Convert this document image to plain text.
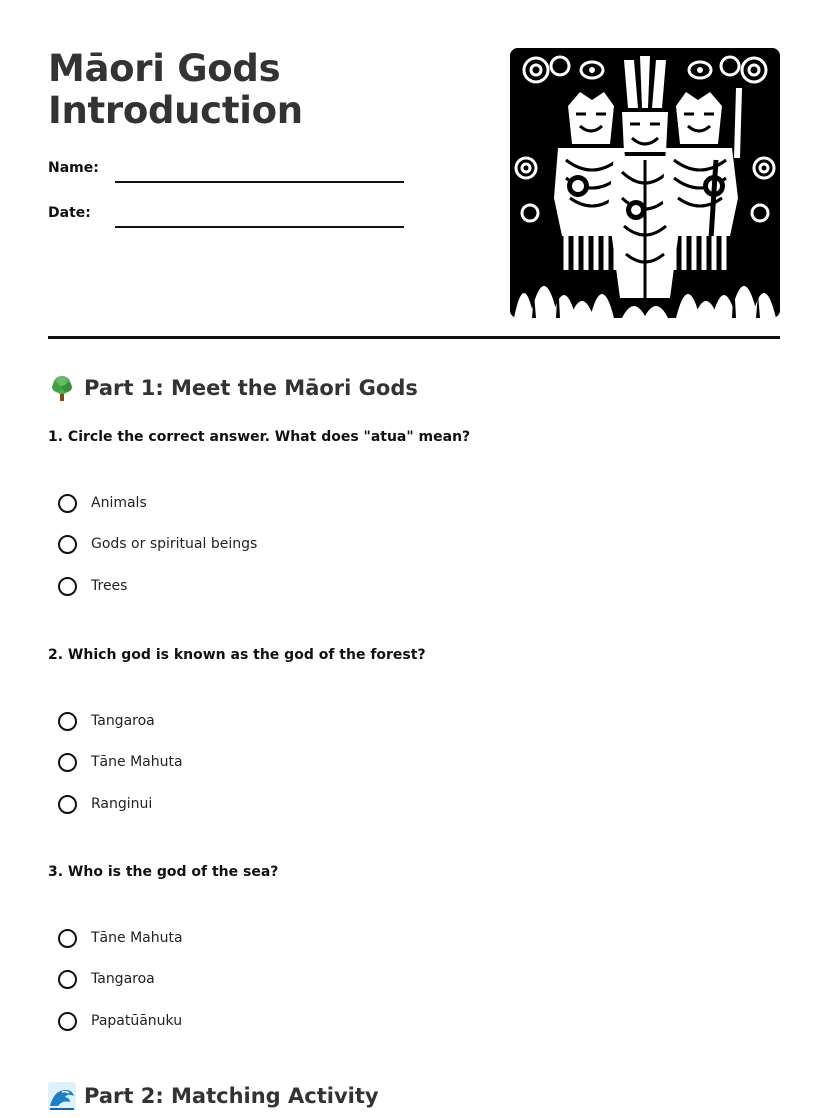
Māori Gods
Introduction
Name:
Date:
Part 1: Meet the Māori Gods

1. Circle the correct answer. What does "atua" mean?

Animals
Gods or spiritual beings
Trees

2. Which god is known as the god of the forest?

Tangaroa
Tāne Mahuta
Ranginui

3. Who is the god of the sea?

Tāne Mahuta
Tangaroa
Papatūānuku
Part 2: Matching Activity
